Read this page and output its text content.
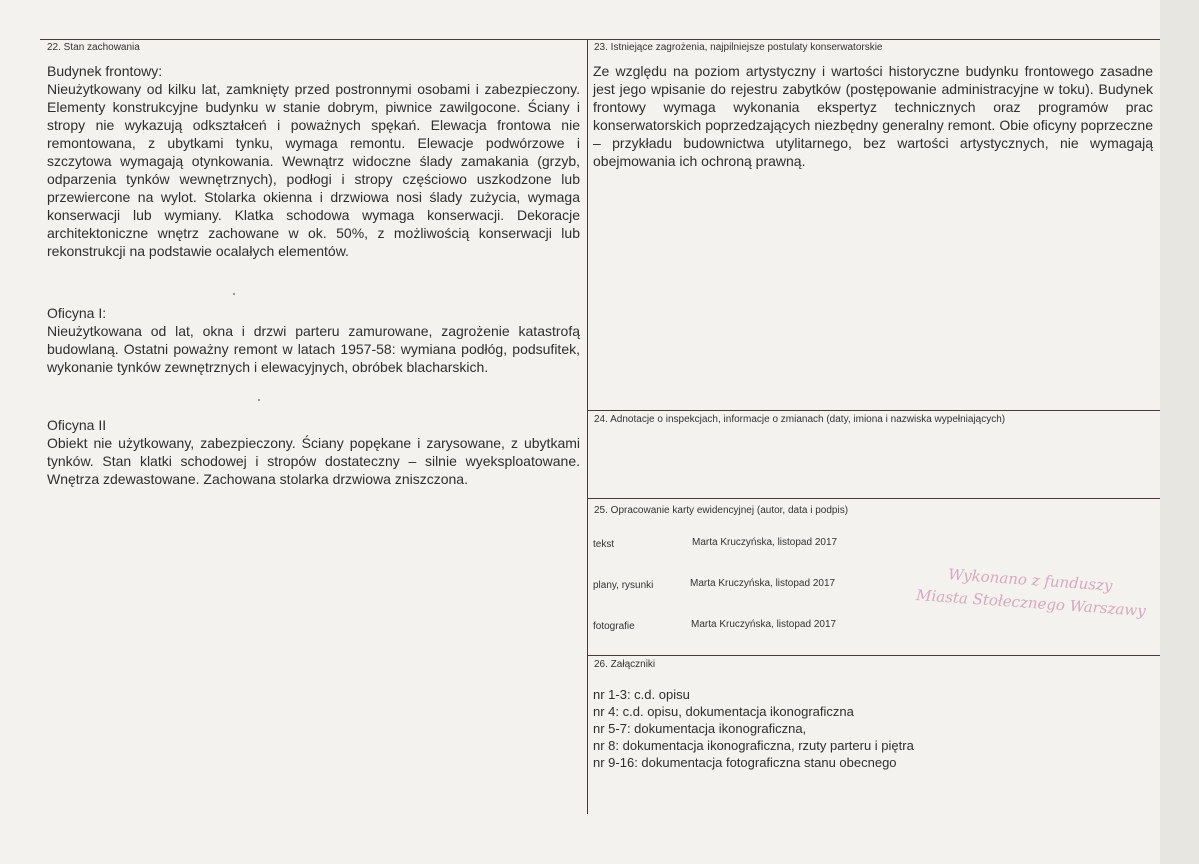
22. Stan zachowania
Budynek frontowy:
Nieużytkowany od kilku lat, zamknięty przed postronnymi osobami i zabezpieczony. Elementy konstrukcyjne budynku w stanie dobrym, piwnice zawilgocone. Ściany i stropy nie wykazują odkształceń i poważnych spękań. Elewacja frontowa nie remontowana, z ubytkami tynku, wymaga remontu. Elewacje podwórzowe i szczytowa wymagają otynkowania. Wewnątrz widoczne ślady zamakania (grzyb, odparzenia tynków wewnętrznych), podłogi i stropy częściowo uszkodzone lub przewiercone na wylot. Stolarka okienna i drzwiowa nosi ślady zużycia, wymaga konserwacji lub wymiany. Klatka schodowa wymaga konserwacji. Dekoracje architektoniczne wnętrz zachowane w ok. 50%, z możliwością konserwacji lub rekonstrukcji na podstawie ocalałych elementów.
Oficyna I:
Nieużytkowana od lat, okna i drzwi parteru zamurowane, zagrożenie katastrofą budowlaną. Ostatni poważny remont w latach 1957-58: wymiana podłóg, podsufitek, wykonanie tynków zewnętrznych i elewacyjnych, obróbek blacharskich.
Oficyna II
Obiekt nie użytkowany, zabezpieczony. Ściany popękane i zarysowane, z ubytkami tynków. Stan klatki schodowej i stropów dostateczny – silnie wyeksploatowane. Wnętrza zdewastowane. Zachowana stolarka drzwiowa zniszczona.
23. Istniejące zagrożenia, najpilniejsze postulaty konserwatorskie
Ze względu na poziom artystyczny i wartości historyczne budynku frontowego zasadne jest jego wpisanie do rejestru zabytków (postępowanie administracyjne w toku). Budynek frontowy wymaga wykonania ekspertyz technicznych oraz programów prac konserwatorskich poprzedzających niezbędny generalny remont. Obie oficyny poprzeczne – przykładu budownictwa utylitarnego, bez wartości artystycznych, nie wymagają obejmowania ich ochroną prawną.
24. Adnotacje o inspekcjach, informacje o zmianach (daty, imiona i nazwiska wypełniających)
25. Opracowanie karty ewidencyjnej (autor, data i podpis)
tekst	Marta Kruczyńska, listopad 2017
plany, rysunki	Marta Kruczyńska, listopad 2017
fotografie	Marta Kruczyńska, listopad 2017
Wykonano z funduszy
Miasta Stołecznego Warszawy
26. Załączniki
nr 1-3: c.d. opisu
nr 4: c.d. opisu, dokumentacja ikonograficzna
nr 5-7: dokumentacja ikonograficzna,
nr 8: dokumentacja ikonograficzna, rzuty parteru i piętra
nr 9-16: dokumentacja fotograficzna stanu obecnego
